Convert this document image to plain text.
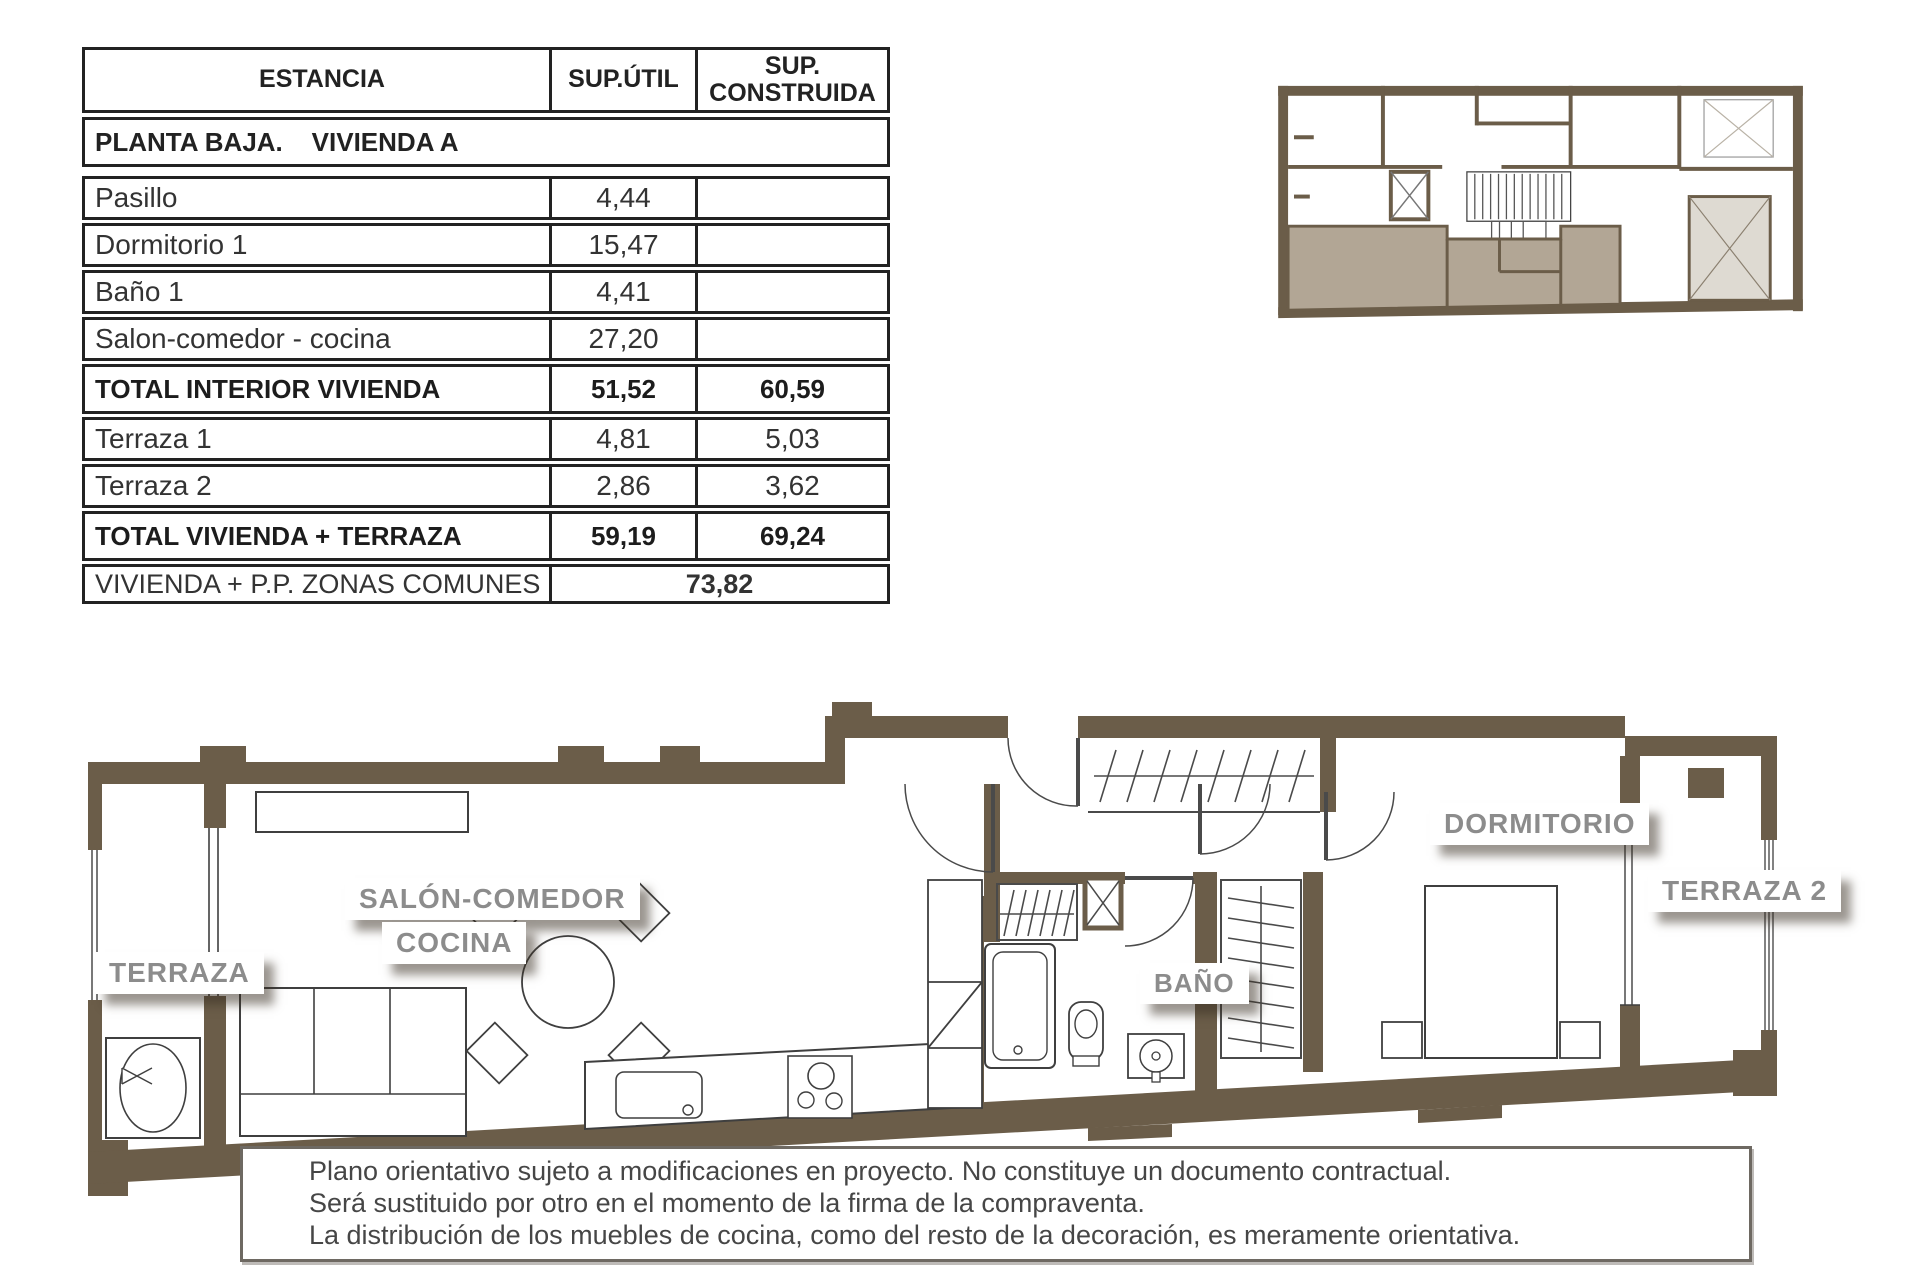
ESTANCIA	SUP.ÚTIL	SUP. CONSTRUIDA
PLANTA BAJA.    VIVIENDA A
Pasillo	4,44
Dormitorio 1	15,47
Baño 1	4,41
Salon-comedor - cocina	27,20
TOTAL INTERIOR VIVIENDA	51,52	60,59
Terraza 1	4,81	5,03
Terraza 2	2,86	3,62
TOTAL VIVIENDA + TERRAZA	59,19	69,24
VIVIENDA + P.P. ZONAS COMUNES	73,82
TERRAZA
SALÓN-COMEDOR
COCINA
BAÑO
DORMITORIO
TERRAZA 2
Plano orientativo sujeto a modificaciones en proyecto. No constituye un documento contractual.
Será sustituido por otro en el momento de la firma de la compraventa.
La distribución de los muebles de cocina, como del resto de la decoración, es meramente orientativa.
